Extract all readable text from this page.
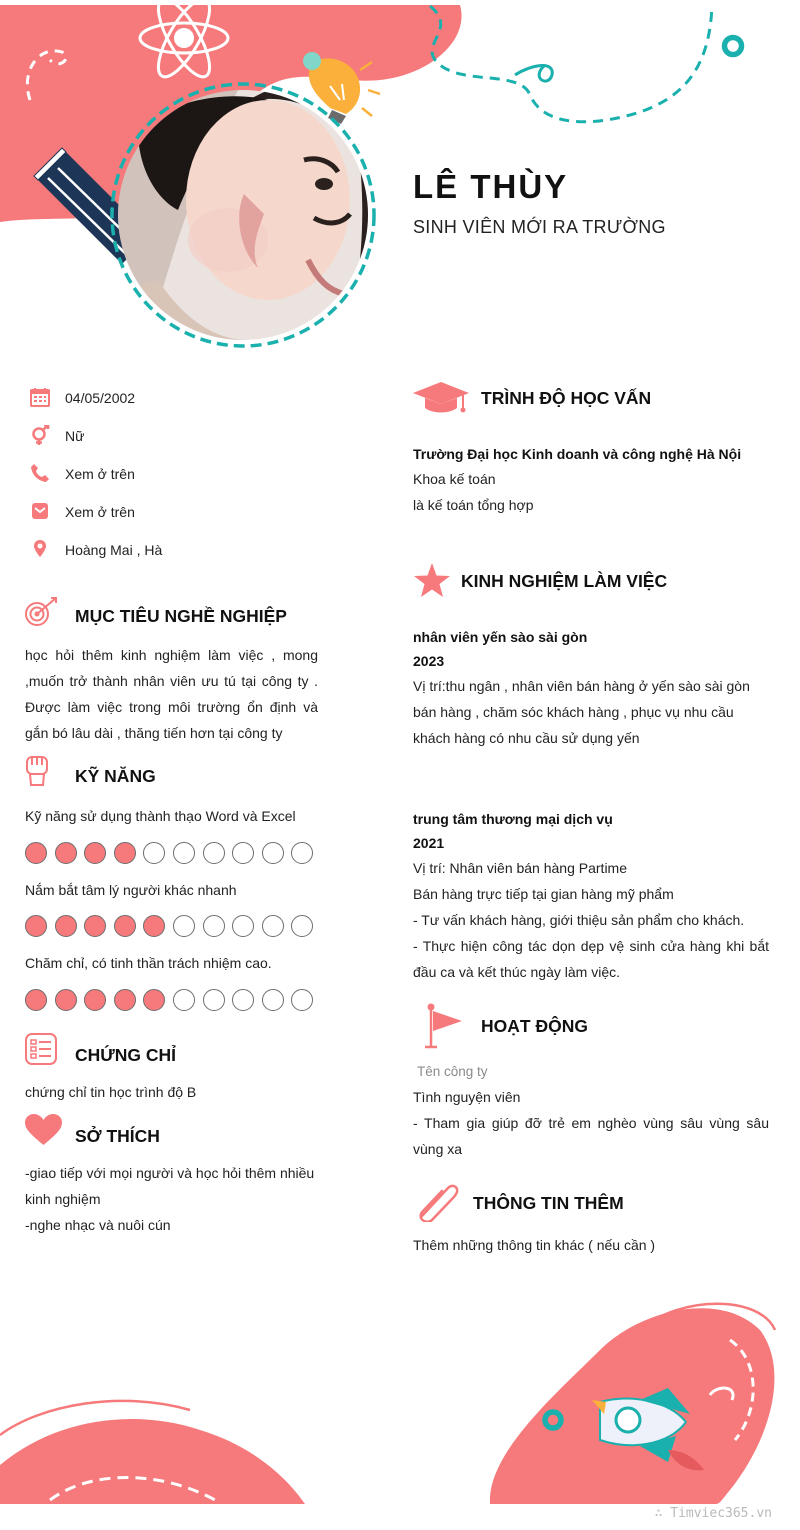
LÊ THÙY
SINH VIÊN MỚI RA TRƯỜNG
04/05/2002
Nữ
Xem ở trên
Xem ở trên
Hoàng Mai , Hà
MỤC TIÊU NGHỀ NGHIỆP
học hỏi thêm kinh nghiệm làm việc , mong ,muốn trở thành nhân viên ưu tú tại công ty . Được làm việc trong môi trường ổn định và gắn bó lâu dài , thăng tiến hơn tại công ty
KỸ NĂNG
Kỹ năng sử dụng thành thạo Word và Excel
Nắm bắt tâm lý người khác nhanh
Chăm chỉ, có tinh thần trách nhiệm cao.
CHỨNG CHỈ
chứng chỉ tin học trình độ B
SỞ THÍCH
-giao tiếp với mọi người và học hỏi thêm nhiều
kinh nghiệm
-nghe nhạc và nuôi cún
TRÌNH ĐỘ HỌC VẤN
Trường Đại học Kinh doanh và công nghệ Hà Nội
Khoa kế toán
là kế toán tổng hợp
KINH NGHIỆM LÀM VIỆC
nhân viên yến sào sài gòn
2023
Vị trí:thu ngân , nhân viên bán hàng ở yến sào sài gòn
bán hàng , chăm sóc khách hàng , phục vụ nhu cầu khách hàng có nhu cầu sử dụng yến
trung tâm thương mại dịch vụ
2021
Vị trí: Nhân viên bán hàng Partime
Bán hàng trực tiếp tại gian hàng mỹ phẩm
- Tư vấn khách hàng, giới thiệu sản phẩm cho khách.
- Thực hiện công tác dọn dẹp vệ sinh cửa hàng khi bắt đầu ca và kết thúc ngày làm việc.
HOẠT ĐỘNG
Tên công ty
Tình nguyện viên
- Tham gia giúp đỡ trẻ em nghèo vùng sâu vùng sâu vùng xa
THÔNG TIN THÊM
Thêm những thông tin khác ( nếu cần )
∴ Timviec365.vn
